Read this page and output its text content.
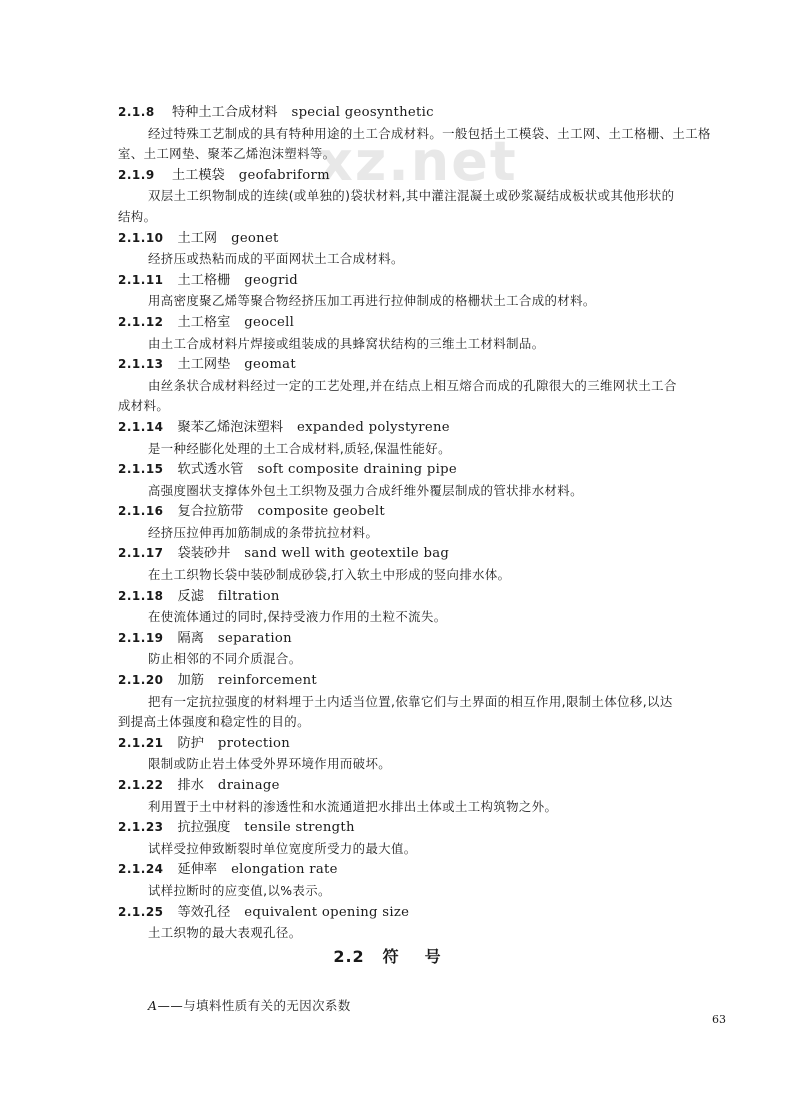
xz.net

2.1.8 特种土工合成材料 special geosynthetic

经过特殊工艺制成的具有特种用途的土工合成材料。一般包括土工模袋、土工网、土工格栅、土工格

室、土工网垫、聚苯乙烯泡沫塑料等。

2.1.9 土工模袋 geofabriform

双层土工织物制成的连续(或单独的)袋状材料,其中灌注混凝土或砂浆凝结成板状或其他形状的

结构。

2.1.10 土工网 geonet

经挤压或热粘而成的平面网状土工合成材料。

2.1.11 土工格栅 geogrid

用高密度聚乙烯等聚合物经挤压加工再进行拉伸制成的格栅状土工合成的材料。

2.1.12 土工格室 geocell

由土工合成材料片焊接或组装成的具蜂窝状结构的三维土工材料制品。

2.1.13 土工网垫 geomat

由丝条状合成材料经过一定的工艺处理,并在结点上相互熔合而成的孔隙很大的三维网状土工合

成材料。

2.1.14 聚苯乙烯泡沫塑料 expanded polystyrene

是一种经膨化处理的土工合成材料,质轻,保温性能好。

2.1.15 软式透水管 soft composite draining pipe

高强度圈状支撑体外包土工织物及强力合成纤维外覆层制成的管状排水材料。

2.1.16 复合拉筋带 composite geobelt

经挤压拉伸再加筋制成的条带抗拉材料。

2.1.17 袋装砂井 sand well with geotextile bag

在土工织物长袋中装砂制成砂袋,打入软土中形成的竖向排水体。

2.1.18 反滤 filtration

在使流体通过的同时,保持受液力作用的土粒不流失。

2.1.19 隔离 separation

防止相邻的不同介质混合。

2.1.20 加筋 reinforcement

把有一定抗拉强度的材料埋于土内适当位置,依靠它们与土界面的相互作用,限制土体位移,以达

到提高土体强度和稳定性的目的。

2.1.21 防护 protection

限制或防止岩土体受外界环境作用而破坏。

2.1.22 排水 drainage

利用置于土中材料的渗透性和水流通道把水排出土体或土工构筑物之外。

2.1.23 抗拉强度 tensile strength

试样受拉伸致断裂时单位宽度所受力的最大值。

2.1.24 延伸率 elongation rate

试样拉断时的应变值,以%表示。

2.1.25 等效孔径 equivalent opening size

土工织物的最大表观孔径。

2.2 符号
A——与填料性质有关的无因次系数
63
